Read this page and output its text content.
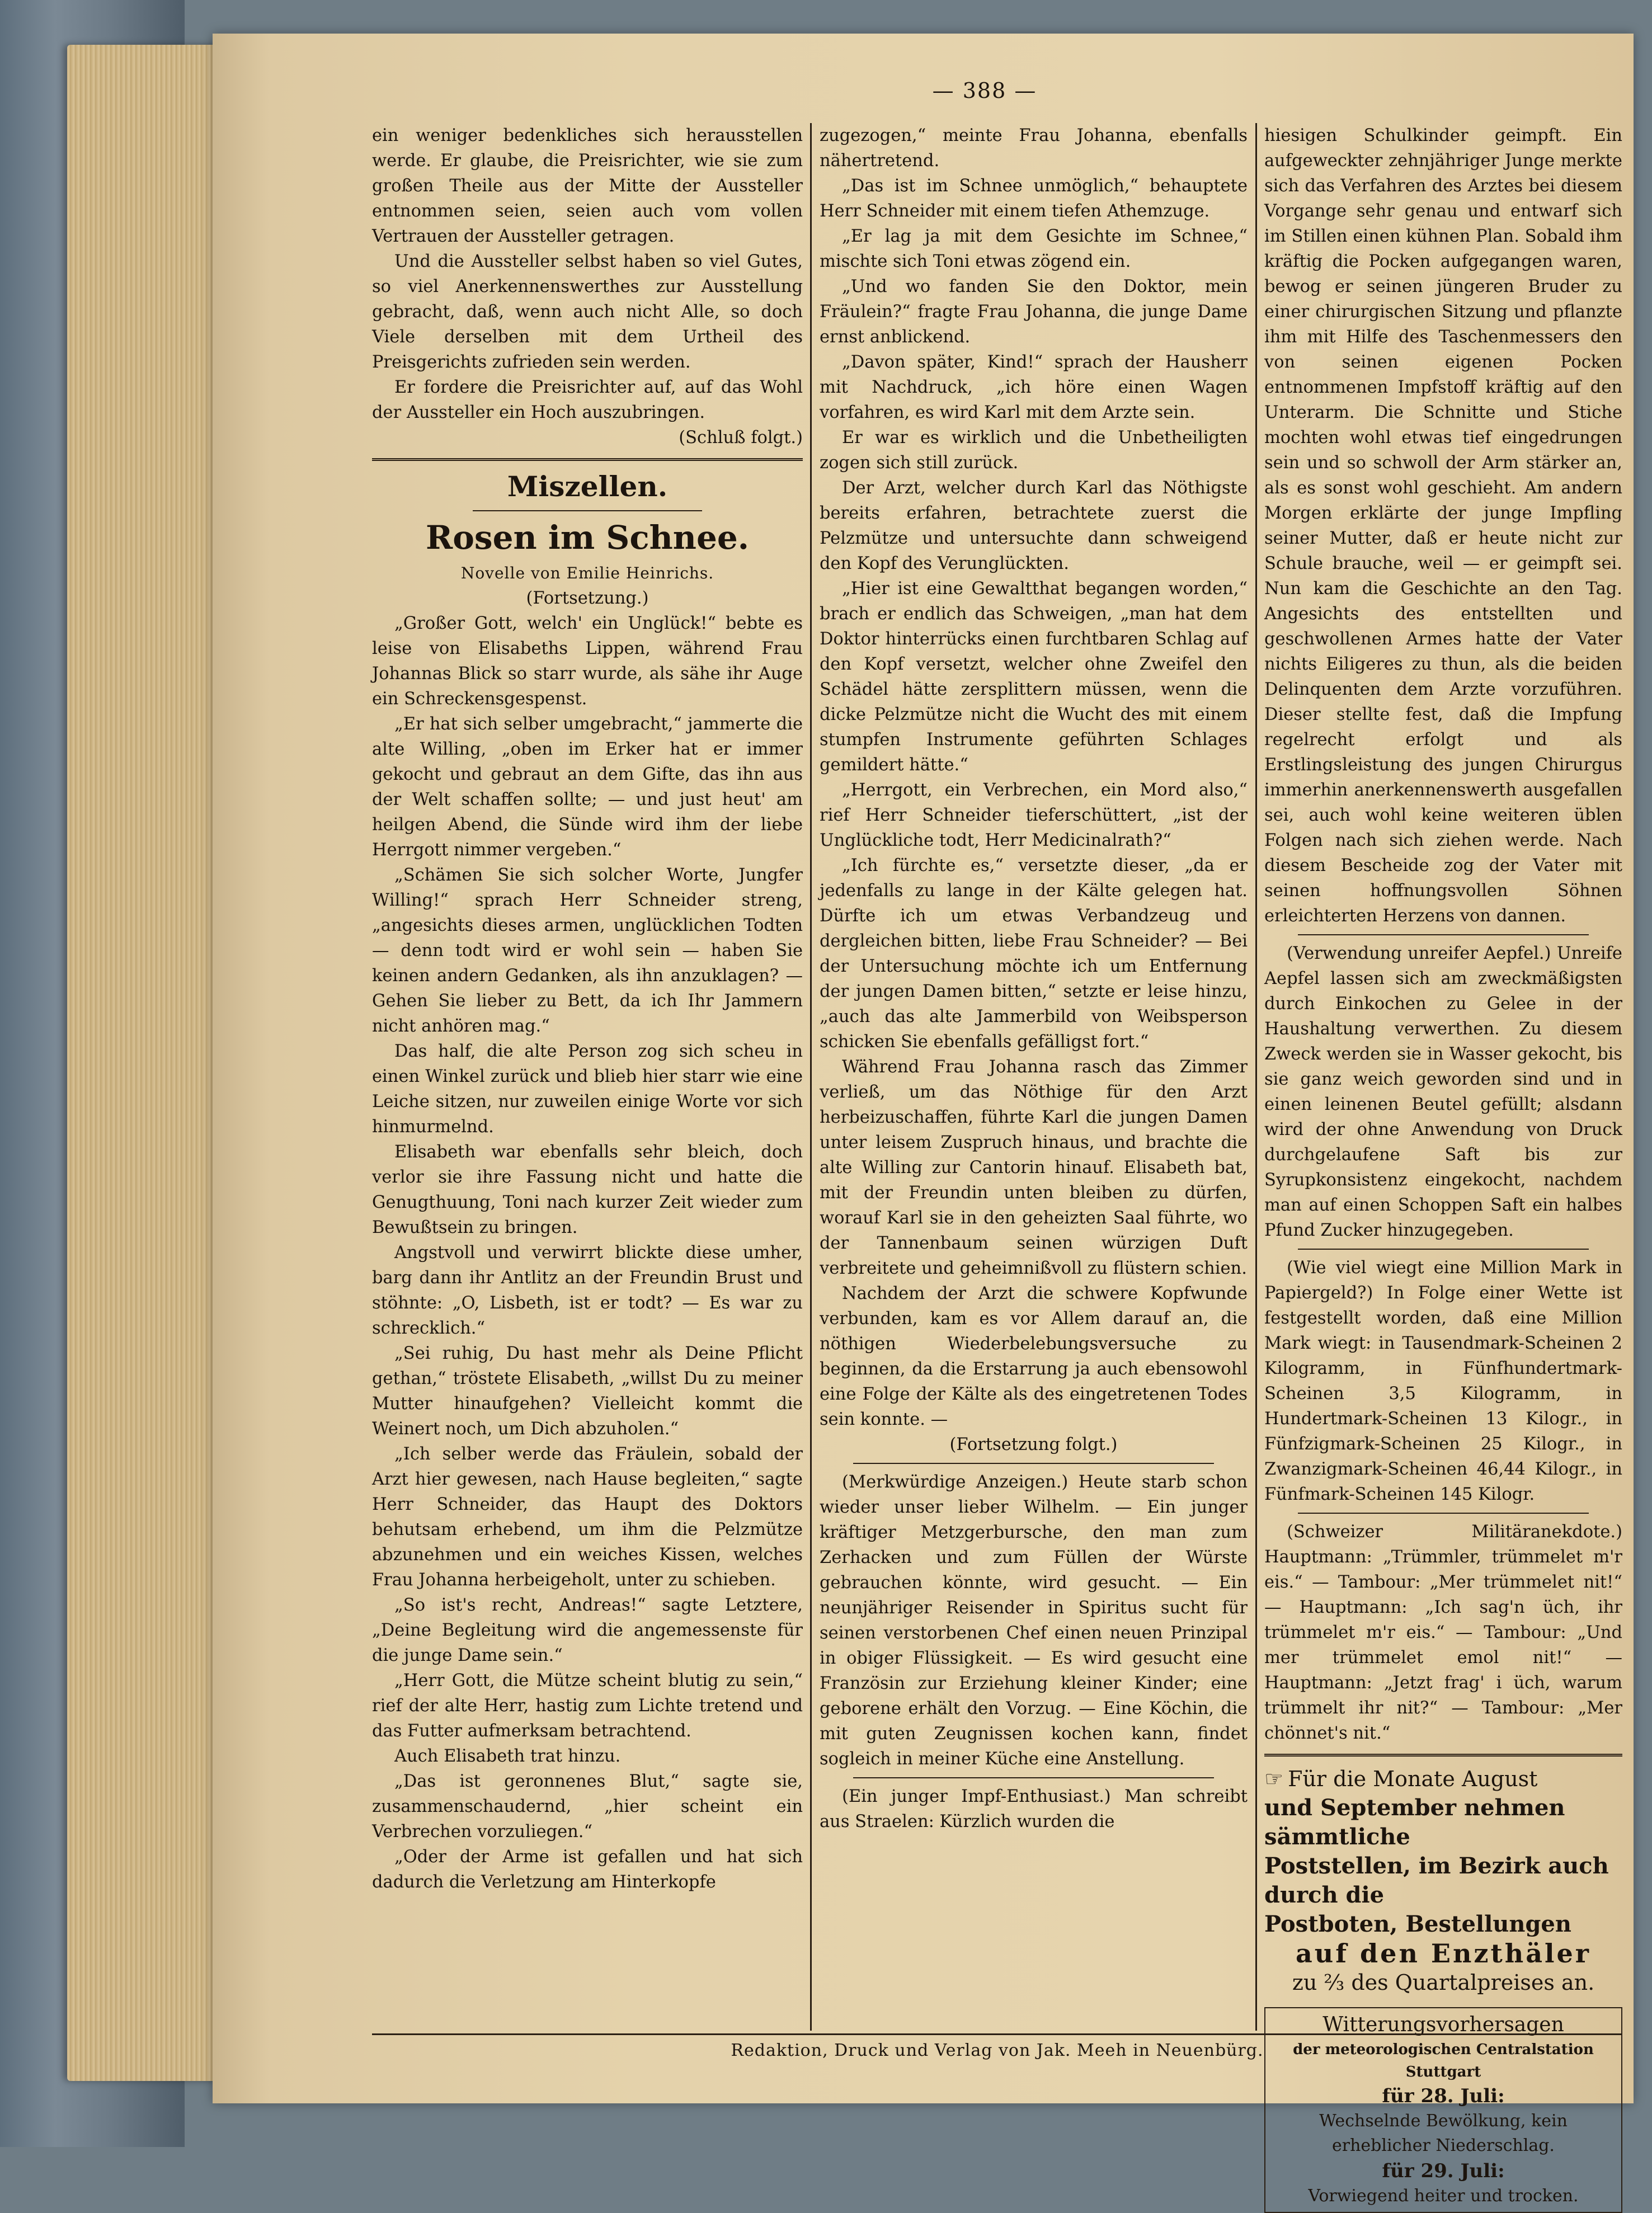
— 388 —

ein weniger bedenkliches sich herausstellen werde. Er glaube, die Preisrichter, wie sie zum großen Theile aus der Mitte der Aussteller entnommen seien, seien auch vom vollen Vertrauen der Aussteller getragen.

Und die Aussteller selbst haben so viel Gutes, so viel Anerkennenswerthes zur Ausstellung gebracht, daß, wenn auch nicht Alle, so doch Viele derselben mit dem Urtheil des Preisgerichts zufrieden sein werden.

Er fordere die Preisrichter auf, auf das Wohl der Aussteller ein Hoch auszubringen.

(Schluß folgt.)

Miszellen.
Rosen im Schnee.
Novelle von Emilie Heinrichs.
(Fortsetzung.)

„Großer Gott, welch' ein Unglück!“ bebte es leise von Elisabeths Lippen, während Frau Johannas Blick so starr wurde, als sähe ihr Auge ein Schreckensgespenst.

„Er hat sich selber umgebracht,“ jammerte die alte Willing, „oben im Erker hat er immer gekocht und gebraut an dem Gifte, das ihn aus der Welt schaffen sollte; — und just heut' am heilgen Abend, die Sünde wird ihm der liebe Herrgott nimmer vergeben.“

„Schämen Sie sich solcher Worte, Jungfer Willing!“ sprach Herr Schneider streng, „angesichts dieses armen, unglücklichen Todten — denn todt wird er wohl sein — haben Sie keinen andern Gedanken, als ihn anzuklagen? — Gehen Sie lieber zu Bett, da ich Ihr Jammern nicht anhören mag.“

Das half, die alte Person zog sich scheu in einen Winkel zurück und blieb hier starr wie eine Leiche sitzen, nur zuweilen einige Worte vor sich hinmurmelnd.

Elisabeth war ebenfalls sehr bleich, doch verlor sie ihre Fassung nicht und hatte die Genugthuung, Toni nach kurzer Zeit wieder zum Bewußtsein zu bringen.

Angstvoll und verwirrt blickte diese umher, barg dann ihr Antlitz an der Freundin Brust und stöhnte: „O, Lisbeth, ist er todt? — Es war zu schrecklich.“

„Sei ruhig, Du hast mehr als Deine Pflicht gethan,“ tröstete Elisabeth, „willst Du zu meiner Mutter hinaufgehen? Vielleicht kommt die Weinert noch, um Dich abzuholen.“

„Ich selber werde das Fräulein, sobald der Arzt hier gewesen, nach Hause begleiten,“ sagte Herr Schneider, das Haupt des Doktors behutsam erhebend, um ihm die Pelzmütze abzunehmen und ein weiches Kissen, welches Frau Johanna herbeigeholt, unter zu schieben.

„So ist's recht, Andreas!“ sagte Letztere, „Deine Begleitung wird die angemessenste für die junge Dame sein.“

„Herr Gott, die Mütze scheint blutig zu sein,“ rief der alte Herr, hastig zum Lichte tretend und das Futter aufmerksam betrachtend.

Auch Elisabeth trat hinzu.

„Das ist geronnenes Blut,“ sagte sie, zusammenschaudernd, „hier scheint ein Verbrechen vorzuliegen.“

„Oder der Arme ist gefallen und hat sich dadurch die Verletzung am Hinterkopfe

zugezogen,“ meinte Frau Johanna, ebenfalls nähertretend.

„Das ist im Schnee unmöglich,“ behauptete Herr Schneider mit einem tiefen Athemzuge.

„Er lag ja mit dem Gesichte im Schnee,“ mischte sich Toni etwas zögend ein.

„Und wo fanden Sie den Doktor, mein Fräulein?“ fragte Frau Johanna, die junge Dame ernst anblickend.

„Davon später, Kind!“ sprach der Hausherr mit Nachdruck, „ich höre einen Wagen vorfahren, es wird Karl mit dem Arzte sein.

Er war es wirklich und die Unbetheiligten zogen sich still zurück.

Der Arzt, welcher durch Karl das Nöthigste bereits erfahren, betrachtete zuerst die Pelzmütze und untersuchte dann schweigend den Kopf des Verunglückten.

„Hier ist eine Gewaltthat begangen worden,“ brach er endlich das Schweigen, „man hat dem Doktor hinterrücks einen furchtbaren Schlag auf den Kopf versetzt, welcher ohne Zweifel den Schädel hätte zersplittern müssen, wenn die dicke Pelzmütze nicht die Wucht des mit einem stumpfen Instrumente geführten Schlages gemildert hätte.“

„Herrgott, ein Verbrechen, ein Mord also,“ rief Herr Schneider tieferschüttert, „ist der Unglückliche todt, Herr Medicinalrath?“

„Ich fürchte es,“ versetzte dieser, „da er jedenfalls zu lange in der Kälte gelegen hat. Dürfte ich um etwas Verbandzeug und dergleichen bitten, liebe Frau Schneider? — Bei der Untersuchung möchte ich um Entfernung der jungen Damen bitten,“ setzte er leise hinzu, „auch das alte Jammerbild von Weibsperson schicken Sie ebenfalls gefälligst fort.“

Während Frau Johanna rasch das Zimmer verließ, um das Nöthige für den Arzt herbeizuschaffen, führte Karl die jungen Damen unter leisem Zuspruch hinaus, und brachte die alte Willing zur Cantorin hinauf. Elisabeth bat, mit der Freundin unten bleiben zu dürfen, worauf Karl sie in den geheizten Saal führte, wo der Tannenbaum seinen würzigen Duft verbreitete und geheimnißvoll zu flüstern schien.

Nachdem der Arzt die schwere Kopfwunde verbunden, kam es vor Allem darauf an, die nöthigen Wiederbelebungsversuche zu beginnen, da die Erstarrung ja auch ebensowohl eine Folge der Kälte als des eingetretenen Todes sein konnte. —

(Fortsetzung folgt.)

(Merkwürdige Anzeigen.) Heute starb schon wieder unser lieber Wilhelm. — Ein junger kräftiger Metzgerbursche, den man zum Zerhacken und zum Füllen der Würste gebrauchen könnte, wird gesucht. — Ein neunjähriger Reisender in Spiritus sucht für seinen verstorbenen Chef einen neuen Prinzipal in obiger Flüssigkeit. — Es wird gesucht eine Französin zur Erziehung kleiner Kinder; eine geborene erhält den Vorzug. — Eine Köchin, die mit guten Zeugnissen kochen kann, findet sogleich in meiner Küche eine Anstellung.

(Ein junger Impf-Enthusiast.) Man schreibt aus Straelen: Kürzlich wurden die

hiesigen Schulkinder geimpft. Ein aufgeweckter zehnjähriger Junge merkte sich das Verfahren des Arztes bei diesem Vorgange sehr genau und entwarf sich im Stillen einen kühnen Plan. Sobald ihm kräftig die Pocken aufgegangen waren, bewog er seinen jüngeren Bruder zu einer chirurgischen Sitzung und pflanzte ihm mit Hilfe des Taschenmessers den von seinen eigenen Pocken entnommenen Impfstoff kräftig auf den Unterarm. Die Schnitte und Stiche mochten wohl etwas tief eingedrungen sein und so schwoll der Arm stärker an, als es sonst wohl geschieht. Am andern Morgen erklärte der junge Impfling seiner Mutter, daß er heute nicht zur Schule brauche, weil — er geimpft sei. Nun kam die Geschichte an den Tag. Angesichts des entstellten und geschwollenen Armes hatte der Vater nichts Eiligeres zu thun, als die beiden Delinquenten dem Arzte vorzuführen. Dieser stellte fest, daß die Impfung regelrecht erfolgt und als Erstlingsleistung des jungen Chirurgus immerhin anerkennenswerth ausgefallen sei, auch wohl keine weiteren üblen Folgen nach sich ziehen werde. Nach diesem Bescheide zog der Vater mit seinen hoffnungsvollen Söhnen erleichterten Herzens von dannen.

(Verwendung unreifer Aepfel.) Unreife Aepfel lassen sich am zweckmäßigsten durch Einkochen zu Gelee in der Haushaltung verwerthen. Zu diesem Zweck werden sie in Wasser gekocht, bis sie ganz weich geworden sind und in einen leinenen Beutel gefüllt; alsdann wird der ohne Anwendung von Druck durchgelaufene Saft bis zur Syrupkonsistenz eingekocht, nachdem man auf einen Schoppen Saft ein halbes Pfund Zucker hinzugegeben.

(Wie viel wiegt eine Million Mark in Papiergeld?) In Folge einer Wette ist festgestellt worden, daß eine Million Mark wiegt: in Tausendmark-Scheinen 2 Kilogramm, in Fünfhundertmark-Scheinen 3,5 Kilogramm, in Hundertmark-Scheinen 13 Kilogr., in Fünfzigmark-Scheinen 25 Kilogr., in Zwanzigmark-Scheinen 46,44 Kilogr., in Fünfmark-Scheinen 145 Kilogr.

(Schweizer Militäranekdote.) Hauptmann: „Trümmler, trümmelet m'r eis.“ — Tambour: „Mer trümmelet nit!“ — Hauptmann: „Ich sag'n üch, ihr trümmelet m'r eis.“ — Tambour: „Und mer trümmelet emol nit!“ — Hauptmann: „Jetzt frag' i üch, warum trümmelt ihr nit?“ — Tambour: „Mer chönnet's nit.“

☞ Für die Monate August
und September nehmen sämmtliche
Poststellen, im Bezirk auch durch die
Postboten, Bestellungen
auf den Enzthäler
zu ⅔ des Quartalpreises an.
Witterungsvorhersagen
der meteorologischen Centralstation Stuttgart
für 28. Juli:
Wechselnde Bewölkung, kein erheblicher Niederschlag.
für 29. Juli:
Vorwiegend heiter und trocken.
Redaktion, Druck und Verlag von Jak. Meeh in Neuenbürg.
